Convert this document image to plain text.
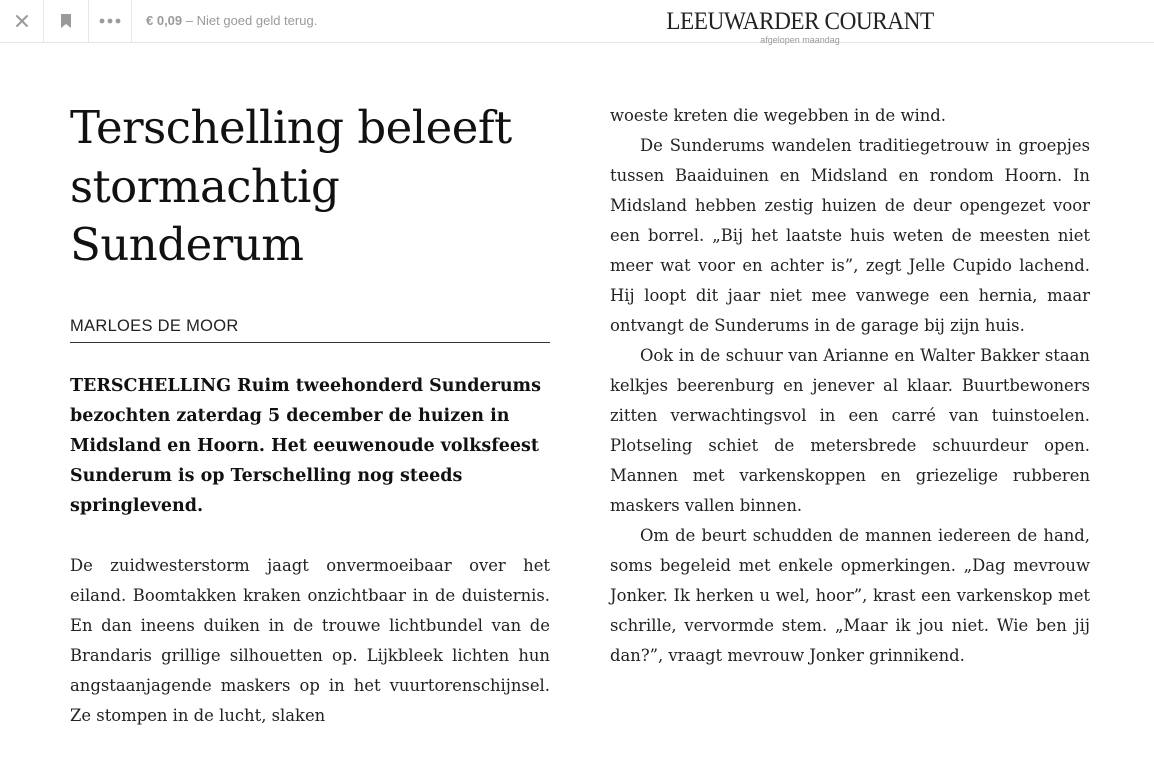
€ 0,09 – Niet goed geld terug.	LEEUWARDER COURANT
afgelopen maandag
Terschelling beleeft stormachtig Sunderum
MARLOES DE MOOR

TERSCHELLING Ruim tweehonderd Sunderums bezochten zaterdag 5 december de huizen in Midsland en Hoorn. Het eeuwenoude volksfeest Sunderum is op Terschelling nog steeds springlevend.

De zuidwesterstorm jaagt onvermoeibaar over het eiland. Boomtakken kraken onzichtbaar in de duisternis. En dan ineens duiken in de trouwe lichtbundel van de Brandaris grillige silhouetten op. Lijkbleek lichten hun angstaanjagende maskers op in het vuurtorenschijnsel. Ze stompen in de lucht, slaken

woeste kreten die wegebben in de wind.

De Sunderums wandelen traditiegetrouw in groepjes tussen Baaiduinen en Midsland en rondom Hoorn. In Midsland hebben zestig huizen de deur opengezet voor een borrel. „Bij het laatste huis weten de meesten niet meer wat voor en achter is”, zegt Jelle Cupido lachend. Hij loopt dit jaar niet mee vanwege een hernia, maar ontvangt de Sunderums in de garage bij zijn huis.

Ook in de schuur van Arianne en Walter Bakker staan kelkjes beerenburg en jenever al klaar. Buurtbewoners zitten verwachtingsvol in een carré van tuinstoelen. Plotseling schiet de metersbrede schuurdeur open. Mannen met varkenskoppen en griezelige rubberen maskers vallen binnen.

Om de beurt schudden de mannen iedereen de hand, soms begeleid met enkele opmerkingen. „Dag mevrouw Jonker. Ik herken u wel, hoor”, krast een varkenskop met schrille, vervormde stem. „Maar ik jou niet. Wie ben jij dan?”, vraagt mevrouw Jonker grinnikend.
